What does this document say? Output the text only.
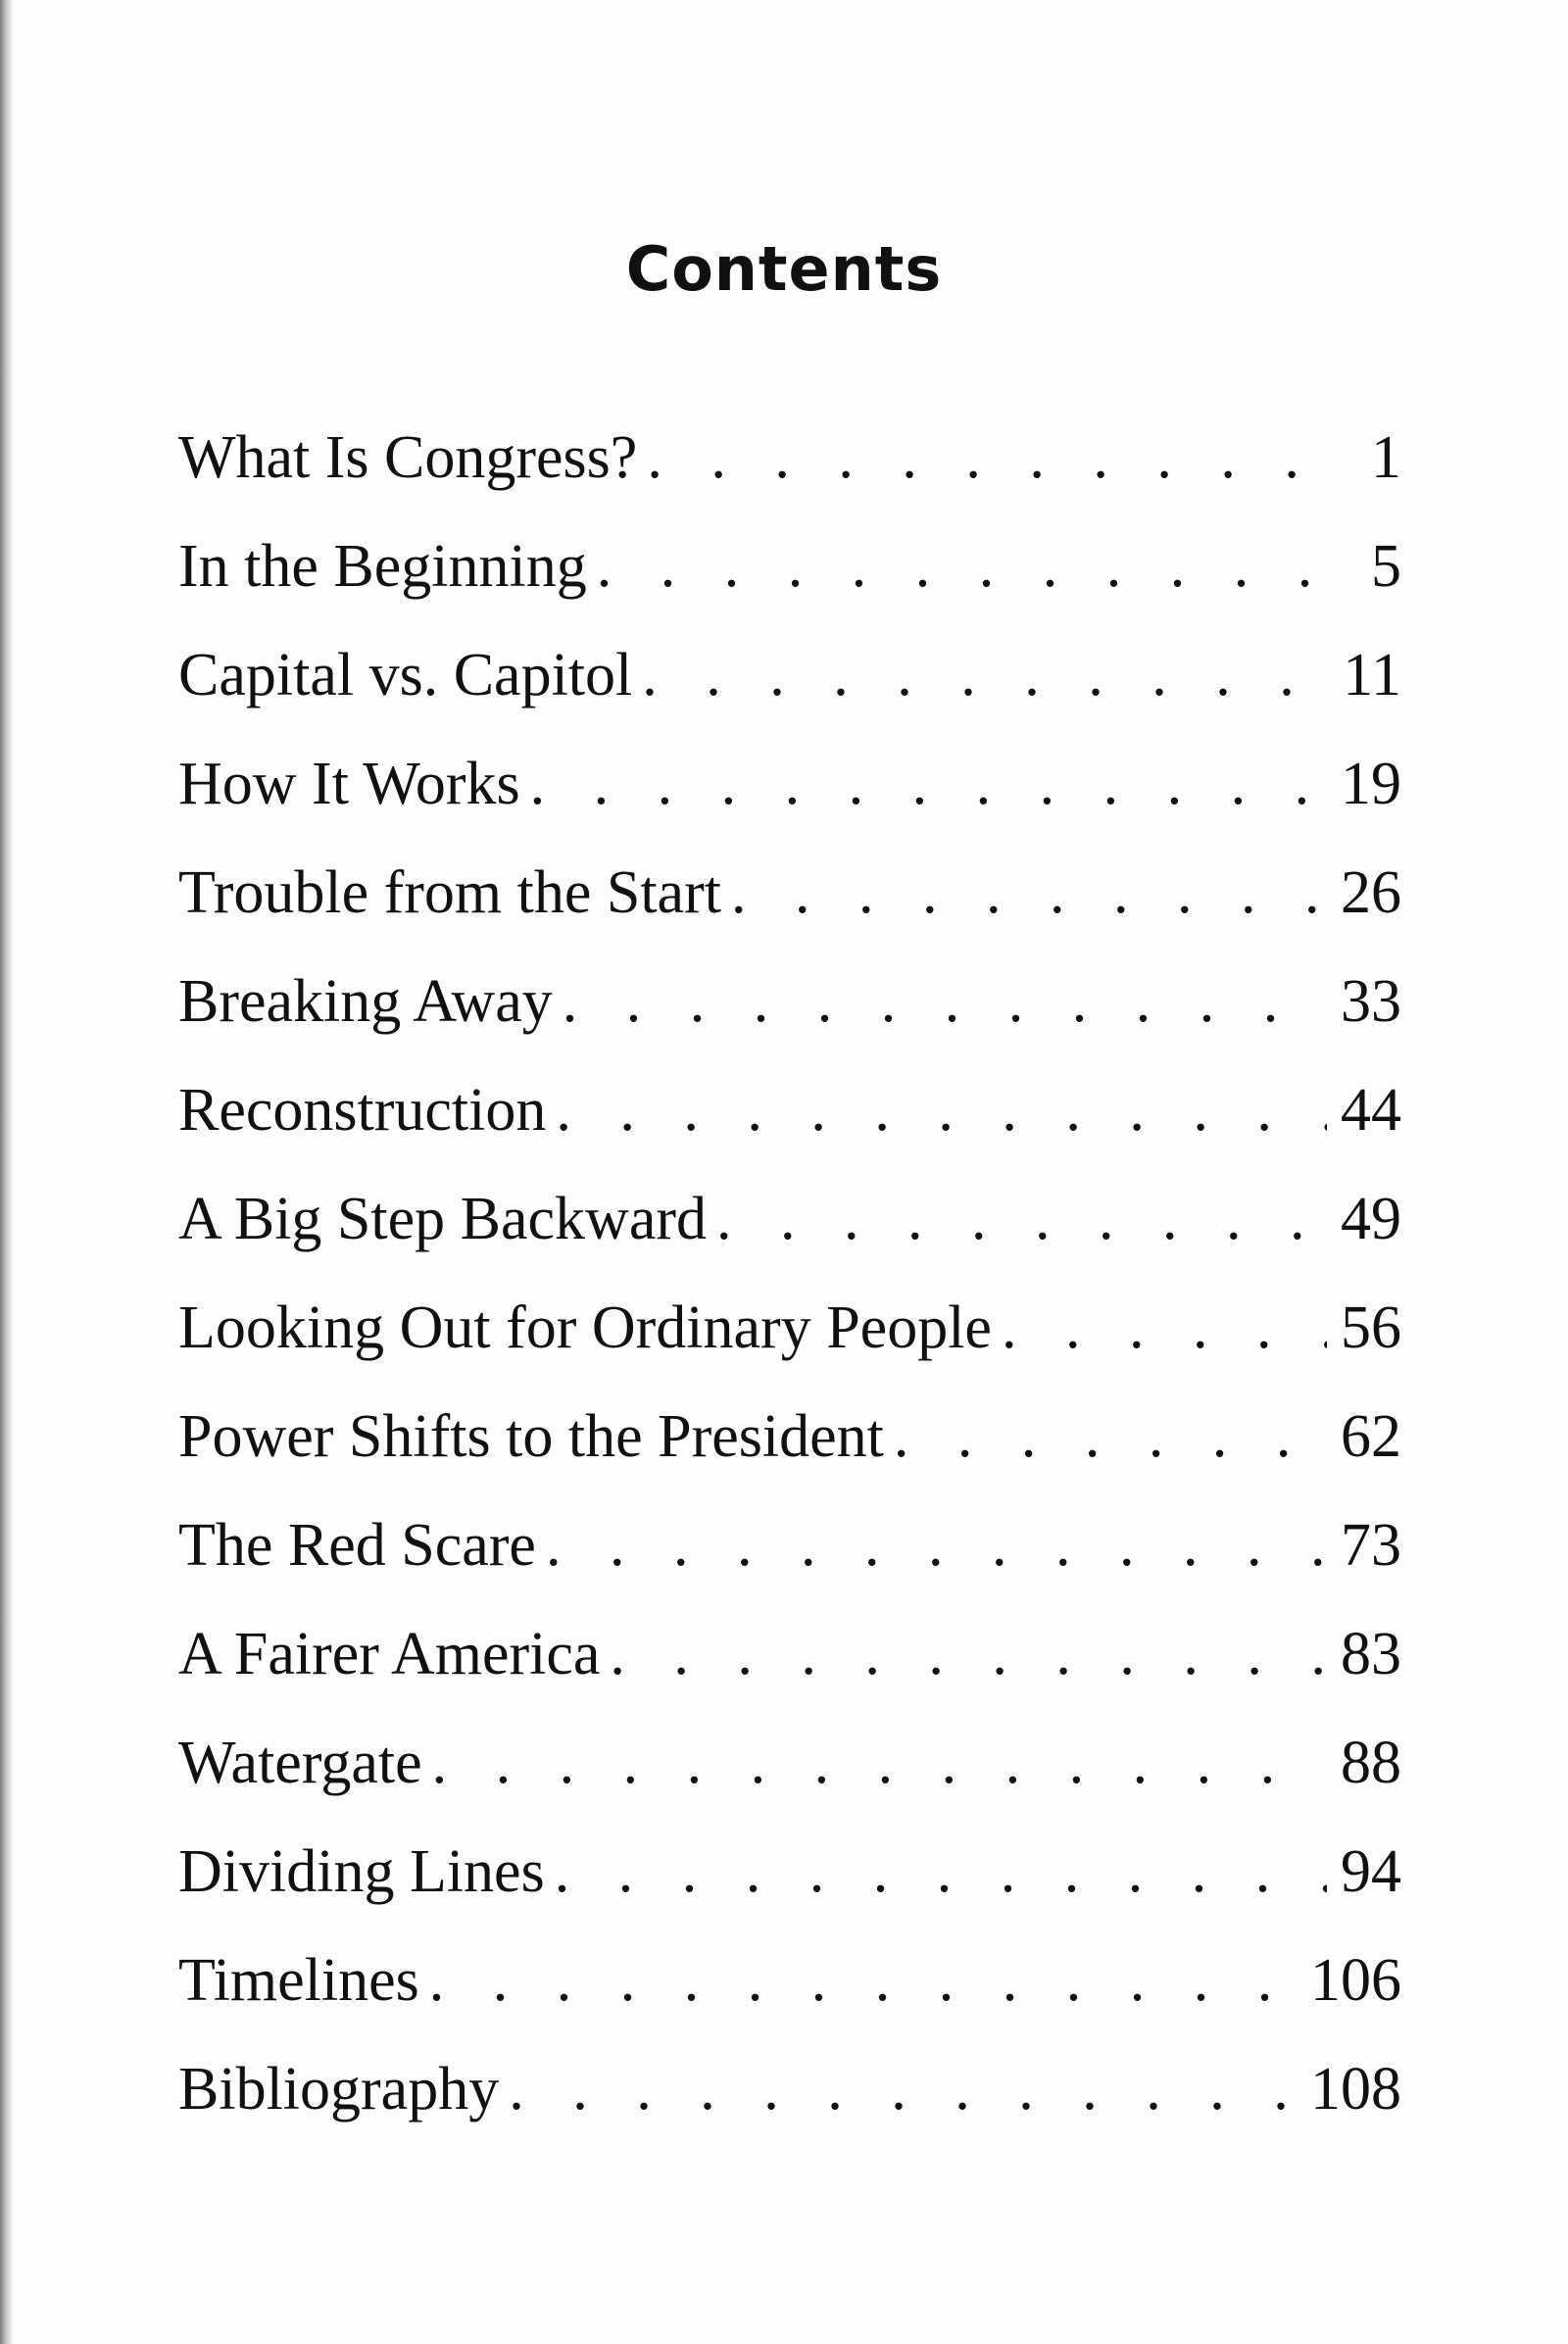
Contents
What Is Congress? . . .	1
In the Beginning . . .	5
Capital vs. Capitol . . .	11
How It Works . . .	19
Trouble from the Start . . .	26
Breaking Away . . .	33
Reconstruction . . .	44
A Big Step Backward . . .	49
Looking Out for Ordinary People . . .	56
Power Shifts to the President . . .	62
The Red Scare . . .	73
A Fairer America . . .	83
Watergate . . .	88
Dividing Lines . . .	94
Timelines . . .	106
Bibliography . . .	108
